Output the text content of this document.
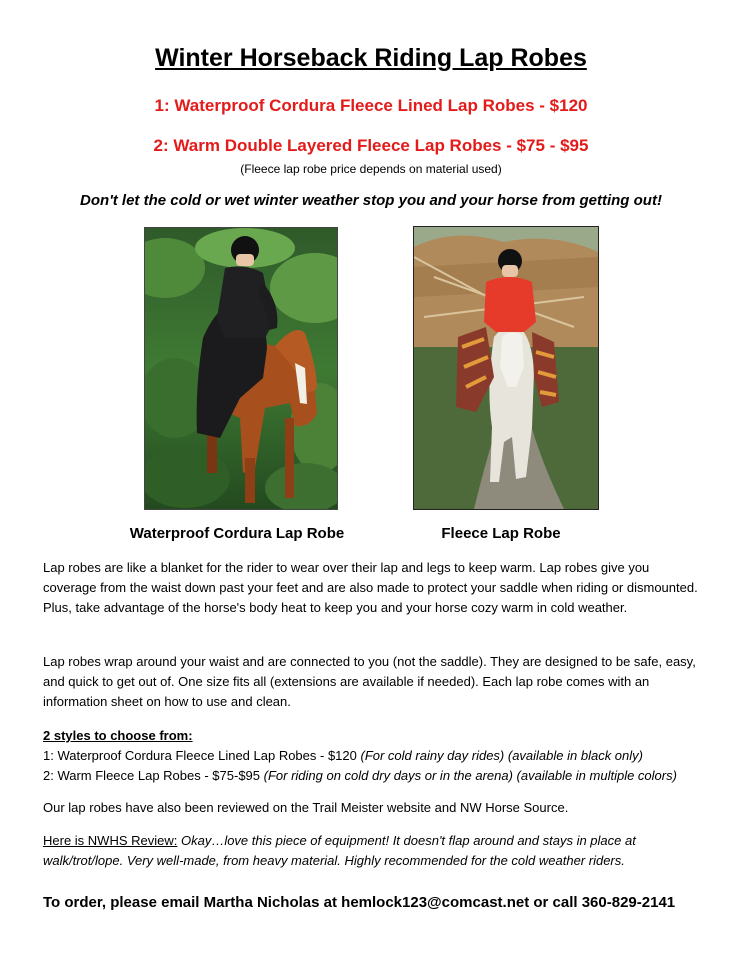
Winter Horseback Riding Lap Robes
1: Waterproof Cordura Fleece Lined Lap Robes - $120
2: Warm Double Layered Fleece Lap Robes - $75 - $95
(Fleece lap robe price depends on material used)
Don't let the cold or wet winter weather stop you and your horse from getting out!
Waterproof Cordura Lap Robe	Fleece Lap Robe
Lap robes are like a blanket for the rider to wear over their lap and legs to keep warm. Lap robes give you coverage from the waist down past your feet and are also made to protect your saddle when riding or dismounted. Plus, take advantage of the horse's body heat to keep you and your horse cozy warm in cold weather.
Lap robes wrap around your waist and are connected to you (not the saddle). They are designed to be safe, easy, and quick to get out of. One size fits all (extensions are available if needed). Each lap robe comes with an information sheet on how to use and clean.
2 styles to choose from:
1: Waterproof Cordura Fleece Lined Lap Robes - $120 (For cold rainy day rides) (available in black only)
2: Warm Fleece Lap Robes - $75-$95 (For riding on cold dry days or in the arena) (available in multiple colors)
Our lap robes have also been reviewed on the Trail Meister website and NW Horse Source.
Here is NWHS Review: Okay…love this piece of equipment! It doesn't flap around and stays in place at walk/trot/lope. Very well-made, from heavy material. Highly recommended for the cold weather riders.
To order, please email Martha Nicholas at hemlock123@comcast.net or call 360-829-2141
